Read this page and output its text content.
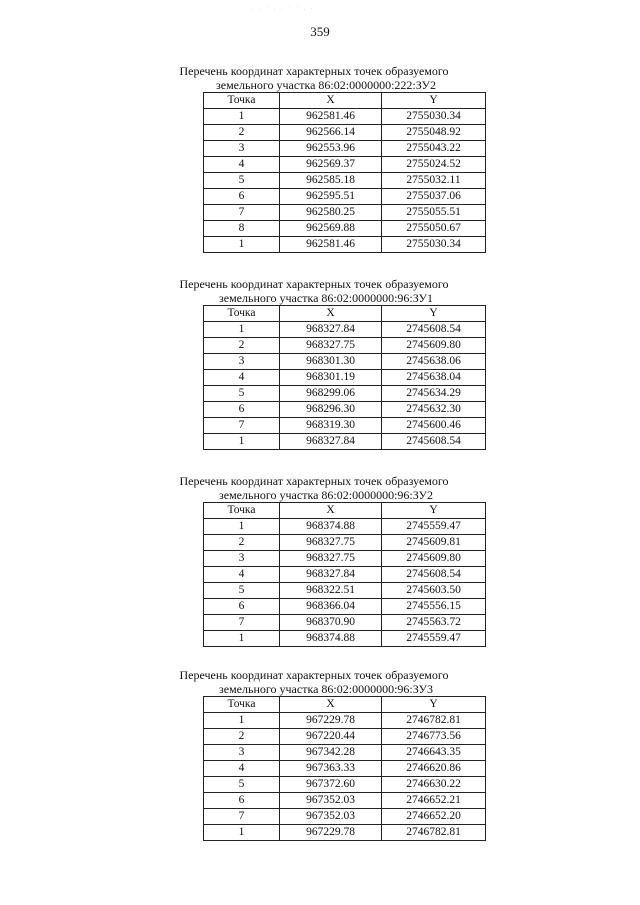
. · ˙ . · ˙ ˙ . ·
359
Перечень координат характерных точек образуемого
земельного участка 86:02:0000000:222:ЗУ2
Точка	X	Y
1	962581.46	2755030.34
2	962566.14	2755048.92
3	962553.96	2755043.22
4	962569.37	2755024.52
5	962585.18	2755032.11
6	962595.51	2755037.06
7	962580.25	2755055.51
8	962569.88	2755050.67
1	962581.46	2755030.34
Перечень координат характерных точек образуемого
земельного участка 86:02:0000000:96:ЗУ1
Точка	X	Y
1	968327.84	2745608.54
2	968327.75	2745609.80
3	968301.30	2745638.06
4	968301.19	2745638.04
5	968299.06	2745634.29
6	968296.30	2745632.30
7	968319.30	2745600.46
1	968327.84	2745608.54
Перечень координат характерных точек образуемого
земельного участка 86:02:0000000:96:ЗУ2
Точка	X	Y
1	968374.88	2745559.47
2	968327.75	2745609.81
3	968327.75	2745609.80
4	968327.84	2745608.54
5	968322.51	2745603.50
6	968366.04	2745556.15
7	968370.90	2745563.72
1	968374.88	2745559.47
Перечень координат характерных точек образуемого
земельного участка 86:02:0000000:96:ЗУ3
Точка	X	Y
1	967229.78	2746782.81
2	967220.44	2746773.56
3	967342.28	2746643.35
4	967363.33	2746620.86
5	967372.60	2746630.22
6	967352.03	2746652.21
7	967352.03	2746652.20
1	967229.78	2746782.81
